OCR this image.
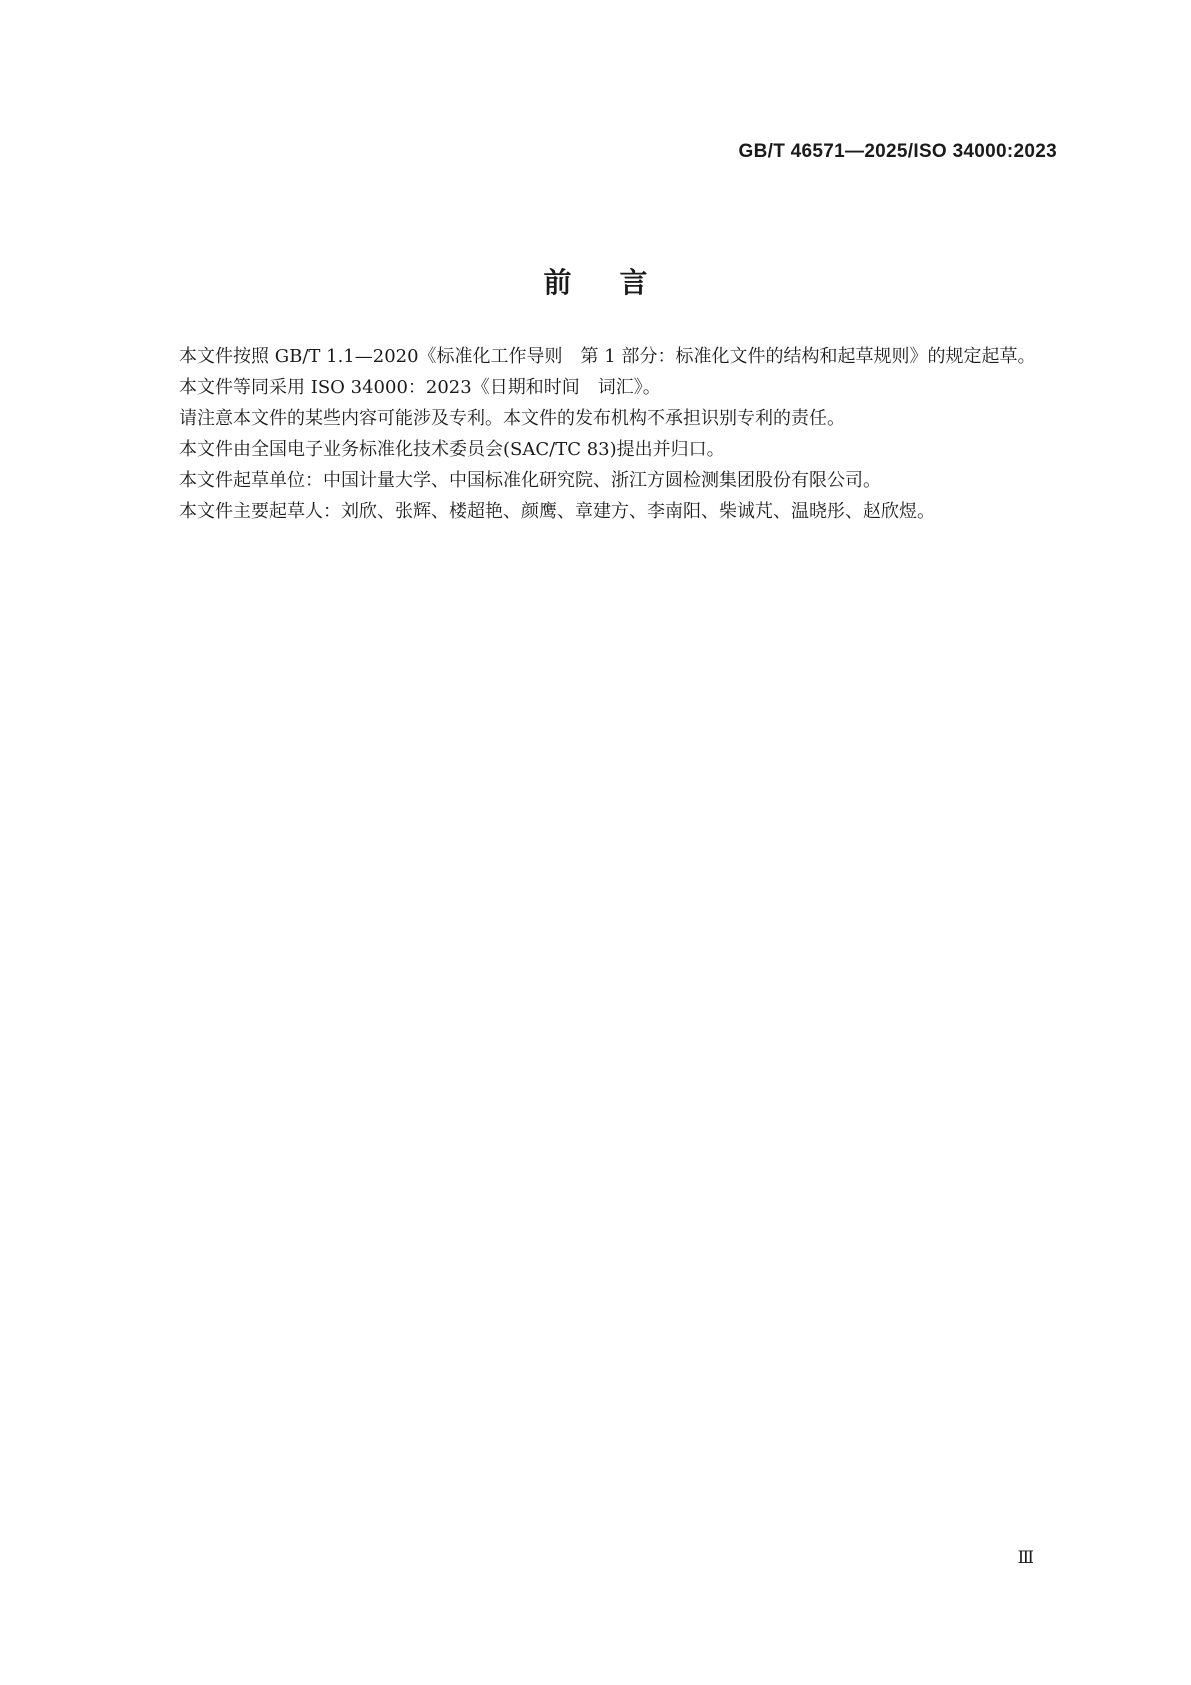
GB/T 46571—2025/ISO 34000:2023
前言

本文件按照 GB/T 1.1—2020《标准化工作导则　第 1 部分：标准化文件的结构和起草规则》的规定起草。

本文件等同采用 ISO 34000：2023《日期和时间　词汇》。

请注意本文件的某些内容可能涉及专利。本文件的发布机构不承担识别专利的责任。

本文件由全国电子业务标准化技术委员会(SAC/TC 83)提出并归口。

本文件起草单位：中国计量大学、中国标准化研究院、浙江方圆检测集团股份有限公司。

本文件主要起草人：刘欣、张辉、楼超艳、颜鹰、章建方、李南阳、柴诚芃、温晓彤、赵欣煜。

Ⅲ
